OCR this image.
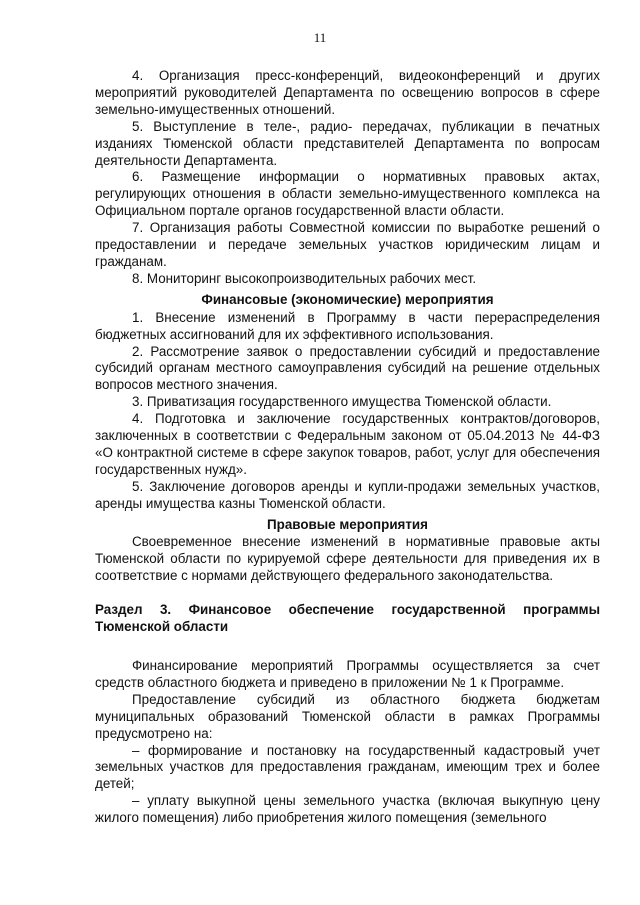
11
4. Организация пресс-конференций, видеоконференций и других мероприятий руководителей Департамента по освещению вопросов в сфере земельно-имущественных отношений.
5. Выступление в теле-, радио- передачах, публикации в печатных изданиях Тюменской области представителей Департамента по вопросам деятельности Департамента.
6. Размещение информации о нормативных правовых актах, регулирующих отношения в области земельно-имущественного комплекса на Официальном портале органов государственной власти области.
7. Организация работы Совместной комиссии по выработке решений о предоставлении и передаче земельных участков юридическим лицам и гражданам.
8. Мониторинг высокопроизводительных рабочих мест.
Финансовые (экономические) мероприятия
1. Внесение изменений в Программу в части перераспределения бюджетных ассигнований для их эффективного использования.
2. Рассмотрение заявок о предоставлении субсидий и предоставление субсидий органам местного самоуправления субсидий на решение отдельных вопросов местного значения.
3. Приватизация государственного имущества Тюменской области.
4. Подготовка и заключение государственных контрактов/договоров, заключенных в соответствии с Федеральным законом от 05.04.2013 № 44-ФЗ «О контрактной системе в сфере закупок товаров, работ, услуг для обеспечения государственных нужд».
5. Заключение договоров аренды и купли-продажи земельных участков, аренды имущества казны Тюменской области.
Правовые мероприятия
Своевременное внесение изменений в нормативные правовые акты Тюменской области по курируемой сфере деятельности для приведения их в соответствие с нормами действующего федерального законодательства.
Раздел 3. Финансовое обеспечение государственной программы Тюменской области
Финансирование мероприятий Программы осуществляется за счет средств областного бюджета и приведено в приложении № 1 к Программе.
Предоставление субсидий из областного бюджета бюджетам муниципальных образований Тюменской области в рамках Программы предусмотрено на:
– формирование и постановку на государственный кадастровый учет земельных участков для предоставления гражданам, имеющим трех и более детей;
– уплату выкупной цены земельного участка (включая выкупную цену жилого помещения) либо приобретения жилого помещения (земельного
